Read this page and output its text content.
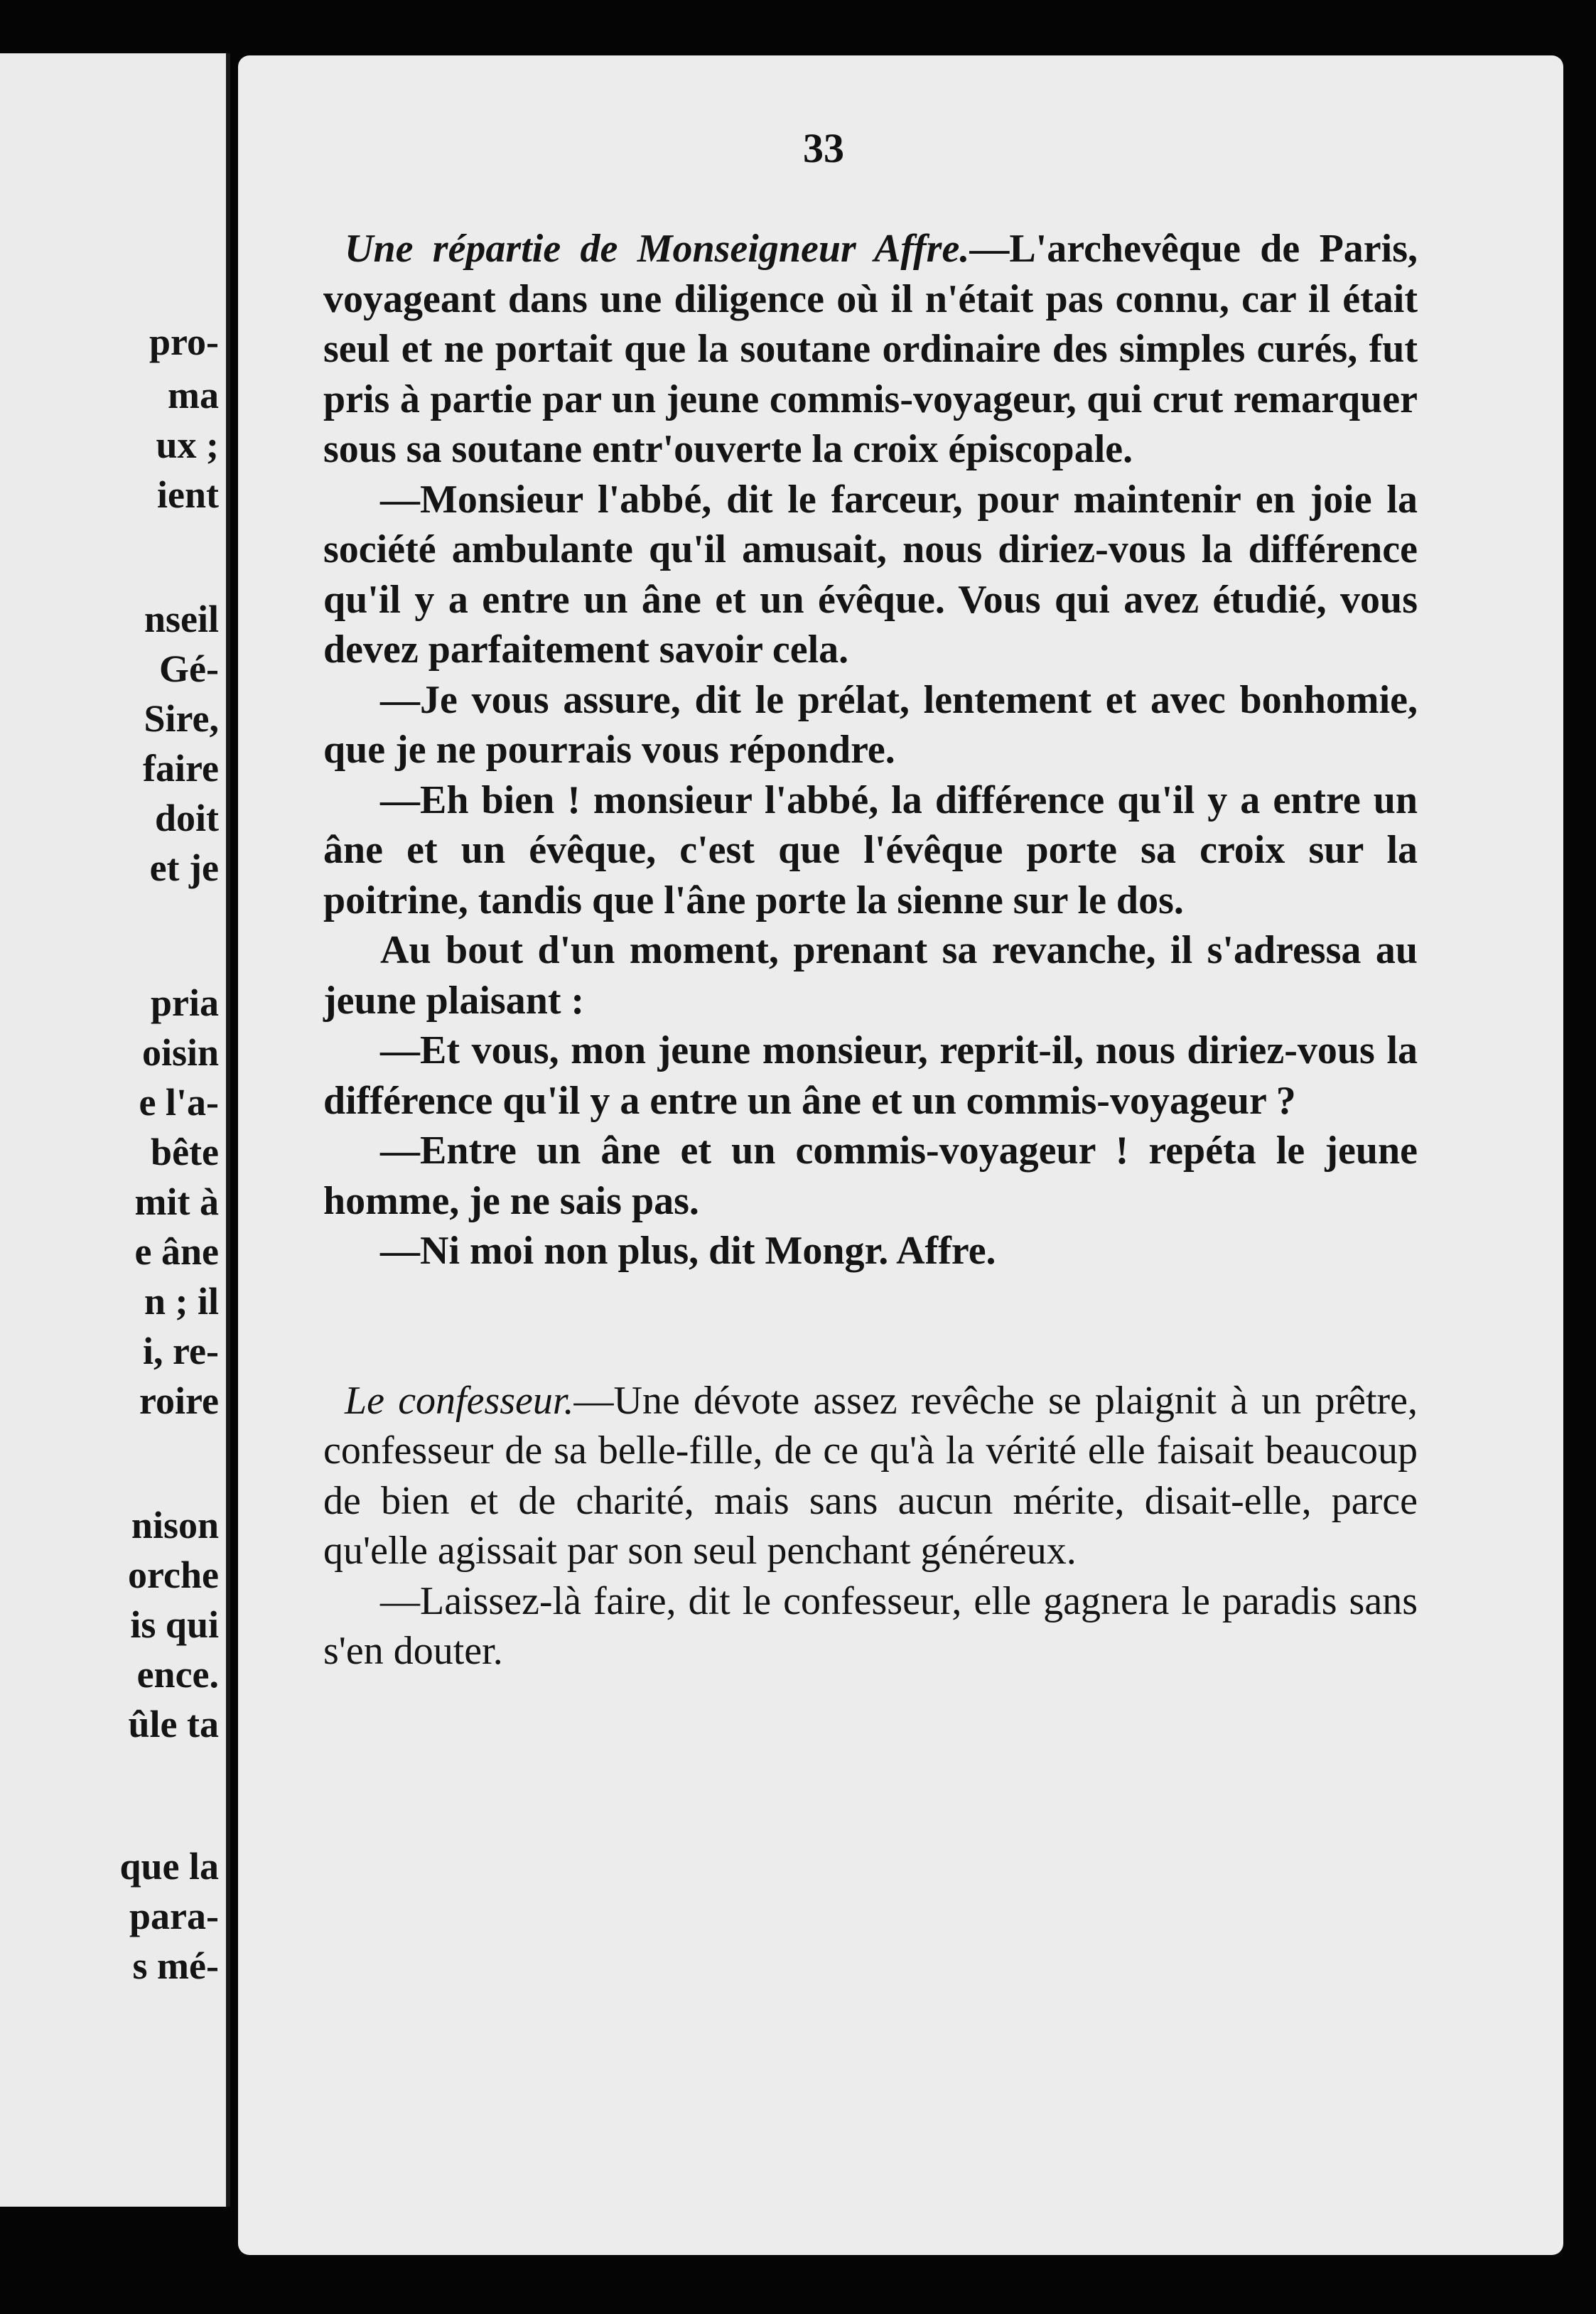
pro-
ma
ux ;
ient
nseil
Gé-
Sire,
faire
doit
et je
pria
oisin
e l'a-
bête
mit à
e âne
n ; il
i, re-
roire
nison
orche
is qui
ence.
ûle ta
que la
para-
s mé-
33

Une répartie de Monseigneur Affre.—L'archevêque de Paris, voyageant dans une diligence où il n'était pas connu, car il était seul et ne portait que la soutane ordinaire des simples curés, fut pris à partie par un jeune commis-voyageur, qui crut remarquer sous sa soutane entr'ouverte la croix épiscopale.

—Monsieur l'abbé, dit le farceur, pour maintenir en joie la société ambulante qu'il amusait, nous diriez-vous la différence qu'il y a entre un âne et un évêque. Vous qui avez étudié, vous devez parfaitement savoir cela.

—Je vous assure, dit le prélat, lentement et avec bonhomie, que je ne pourrais vous répondre.

—Eh bien ! monsieur l'abbé, la différence qu'il y a entre un âne et un évêque, c'est que l'évêque porte sa croix sur la poitrine, tandis que l'âne porte la sienne sur le dos.

Au bout d'un moment, prenant sa revanche, il s'adressa au jeune plaisant :

—Et vous, mon jeune monsieur, reprit-il, nous diriez-vous la différence qu'il y a entre un âne et un commis-voyageur ?

—Entre un âne et un commis-voyageur ! repéta le jeune homme, je ne sais pas.

—Ni moi non plus, dit Mongr. Affre.

Le confesseur.—Une dévote assez revêche se plaignit à un prêtre, confesseur de sa belle-fille, de ce qu'à la vérité elle faisait beaucoup de bien et de charité, mais sans aucun mérite, disait-elle, parce qu'elle agissait par son seul penchant généreux.

—Laissez-là faire, dit le confesseur, elle gagnera le paradis sans s'en douter.
